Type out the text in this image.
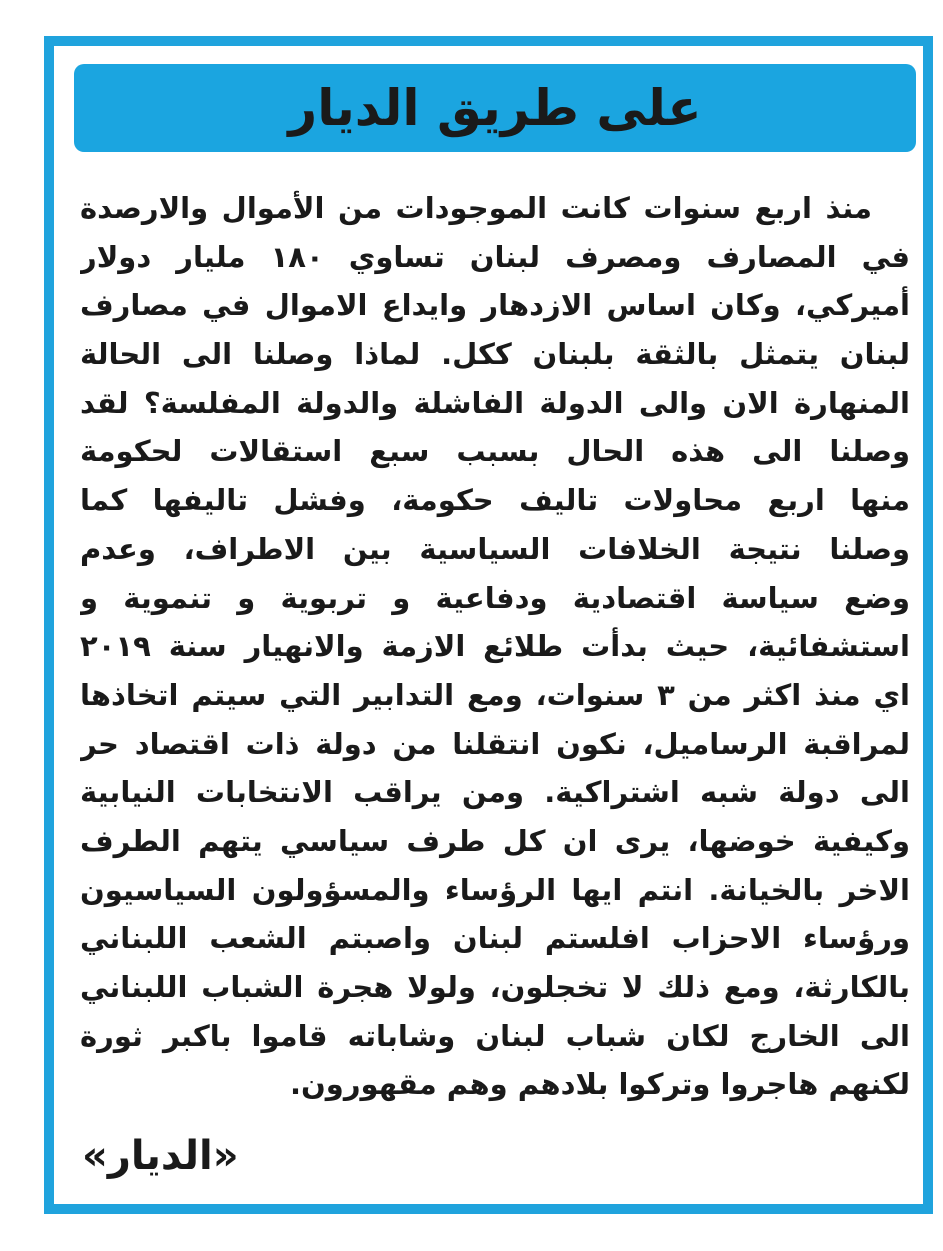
على طريق الديار
منذ اربع سنوات كانت الموجودات من الأموال والارصدة
في المصارف ومصرف لبنان تساوي ١٨٠ مليار دولار
أميركي، وكان اساس الازدهار وايداع الاموال في مصارف
لبنان يتمثل بالثقة بلبنان ككل. لماذا وصلنا الى الحالة
المنهارة الان والى الدولة الفاشلة والدولة المفلسة؟ لقد
وصلنا الى هذه الحال بسبب سبع استقالات لحكومة
منها اربع محاولات تاليف حكومة، وفشل تاليفها كما
وصلنا نتيجة الخلافات السياسية بين الاطراف، وعدم
وضع سياسة اقتصادية ودفاعية و تربوية و تنموية و
استشفائية، حيث بدأت طلائع الازمة والانهيار سنة ٢٠١٩
اي منذ اكثر من ٣ سنوات، ومع التدابير التي سيتم اتخاذها
لمراقبة الرساميل، نكون انتقلنا من دولة ذات اقتصاد حر
الى دولة شبه اشتراكية. ومن يراقب الانتخابات النيابية
وكيفية خوضها، يرى ان كل طرف سياسي يتهم الطرف
الاخر بالخيانة. انتم ايها الرؤساء والمسؤولون السياسيون
ورؤساء الاحزاب افلستم لبنان واصبتم الشعب اللبناني
بالكارثة، ومع ذلك لا تخجلون، ولولا هجرة الشباب اللبناني
الى الخارج لكان شباب لبنان وشاباته قاموا باكبر ثورة
لكنهم هاجروا وتركوا بلادهم وهم مقهورون.
«الديار»
